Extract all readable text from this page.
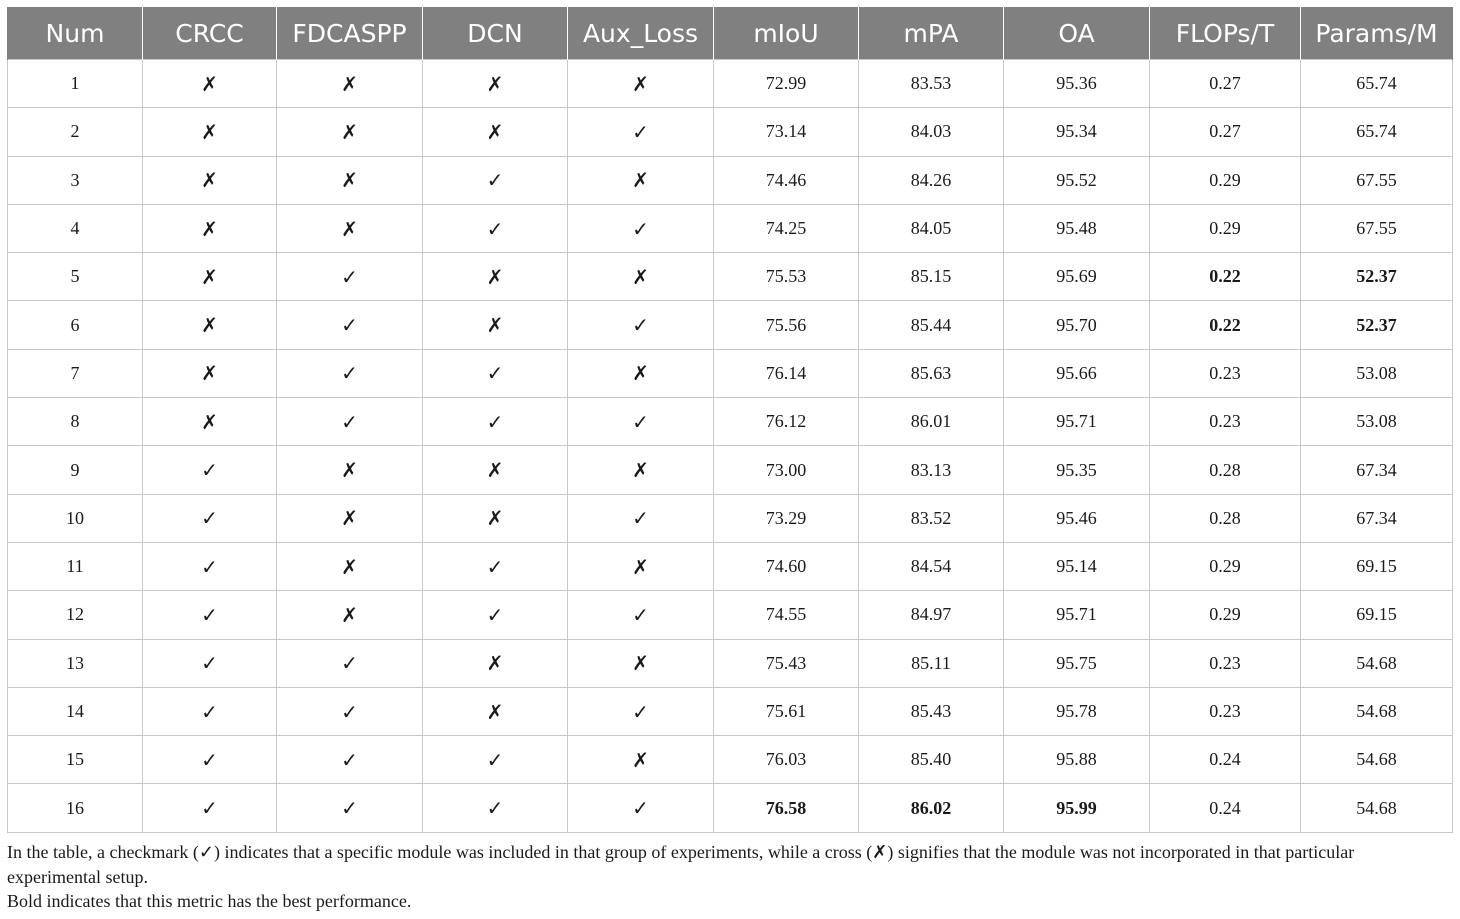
Num	CRCC	FDCASPP	DCN	Aux_Loss	mIoU	mPA	OA	FLOPs/T	Params/M
1	✗	✗	✗	✗	72.99	83.53	95.36	0.27	65.74
2	✗	✗	✗	✓	73.14	84.03	95.34	0.27	65.74
3	✗	✗	✓	✗	74.46	84.26	95.52	0.29	67.55
4	✗	✗	✓	✓	74.25	84.05	95.48	0.29	67.55
5	✗	✓	✗	✗	75.53	85.15	95.69	0.22	52.37
6	✗	✓	✗	✓	75.56	85.44	95.70	0.22	52.37
7	✗	✓	✓	✗	76.14	85.63	95.66	0.23	53.08
8	✗	✓	✓	✓	76.12	86.01	95.71	0.23	53.08
9	✓	✗	✗	✗	73.00	83.13	95.35	0.28	67.34
10	✓	✗	✗	✓	73.29	83.52	95.46	0.28	67.34
11	✓	✗	✓	✗	74.60	84.54	95.14	0.29	69.15
12	✓	✗	✓	✓	74.55	84.97	95.71	0.29	69.15
13	✓	✓	✗	✗	75.43	85.11	95.75	0.23	54.68
14	✓	✓	✗	✓	75.61	85.43	95.78	0.23	54.68
15	✓	✓	✓	✗	76.03	85.40	95.88	0.24	54.68
16	✓	✓	✓	✓	76.58	86.02	95.99	0.24	54.68

In the table, a checkmark (✓) indicates that a specific module was included in that group of experiments, while a cross (✗) signifies that the module was not incorporated in that particular experimental setup.

Bold indicates that this metric has the best performance.
